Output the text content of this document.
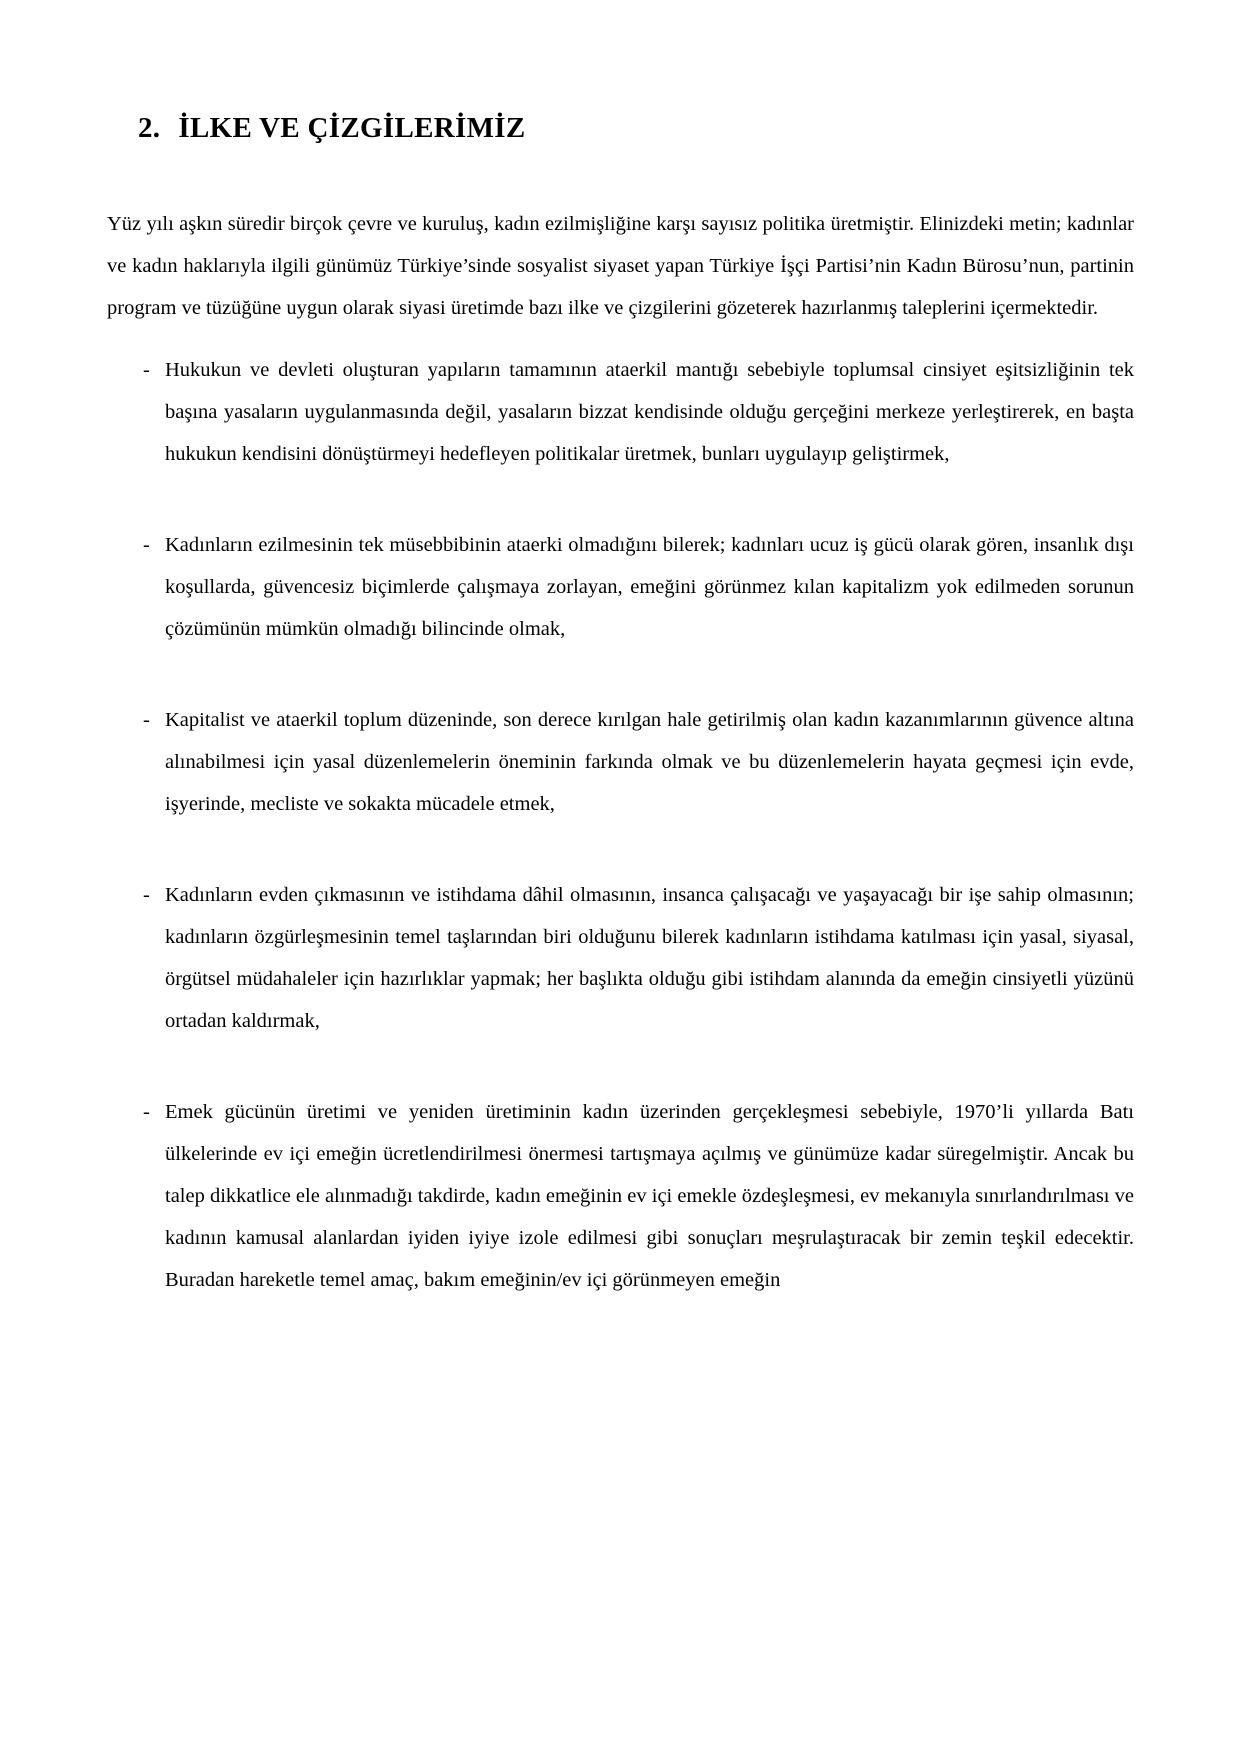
2. İLKE VE ÇİZGİLERİMİZ

Yüz yılı aşkın süredir birçok çevre ve kuruluş, kadın ezilmişliğine karşı sayısız politika üretmiştir. Elinizdeki metin; kadınlar ve kadın haklarıyla ilgili günümüz Türkiye’sinde sosyalist siyaset yapan Türkiye İşçi Partisi’nin Kadın Bürosu’nun, partinin program ve tüzüğüne uygun olarak siyasi üretimde bazı ilke ve çizgilerini gözeterek hazırlanmış taleplerini içermektedir.

- Hukukun ve devleti oluşturan yapıların tamamının ataerkil mantığı sebebiyle toplumsal cinsiyet eşitsizliğinin tek başına yasaların uygulanmasında değil, yasaların bizzat kendisinde olduğu gerçeğini merkeze yerleştirerek, en başta hukukun kendisini dönüştürmeyi hedefleyen politikalar üretmek, bunları uygulayıp geliştirmek,
- Kadınların ezilmesinin tek müsebbibinin ataerki olmadığını bilerek; kadınları ucuz iş gücü olarak gören, insanlık dışı koşullarda, güvencesiz biçimlerde çalışmaya zorlayan, emeğini görünmez kılan kapitalizm yok edilmeden sorunun çözümünün mümkün olmadığı bilincinde olmak,
- Kapitalist ve ataerkil toplum düzeninde, son derece kırılgan hale getirilmiş olan kadın kazanımlarının güvence altına alınabilmesi için yasal düzenlemelerin öneminin farkında olmak ve bu düzenlemelerin hayata geçmesi için evde, işyerinde, mecliste ve sokakta mücadele etmek,
- Kadınların evden çıkmasının ve istihdama dâhil olmasının, insanca çalışacağı ve yaşayacağı bir işe sahip olmasının; kadınların özgürleşmesinin temel taşlarından biri olduğunu bilerek kadınların istihdama katılması için yasal, siyasal, örgütsel müdahaleler için hazırlıklar yapmak; her başlıkta olduğu gibi istihdam alanında da emeğin cinsiyetli yüzünü ortadan kaldırmak,
- Emek gücünün üretimi ve yeniden üretiminin kadın üzerinden gerçekleşmesi sebebiyle, 1970’li yıllarda Batı ülkelerinde ev içi emeğin ücretlendirilmesi önermesi tartışmaya açılmış ve günümüze kadar süregelmiştir. Ancak bu talep dikkatlice ele alınmadığı takdirde, kadın emeğinin ev içi emekle özdeşleşmesi, ev mekanıyla sınırlandırılması ve kadının kamusal alanlardan iyiden iyiye izole edilmesi gibi sonuçları meşrulaştıracak bir zemin teşkil edecektir. Buradan hareketle temel amaç, bakım emeğinin/ev içi görünmeyen emeğin
